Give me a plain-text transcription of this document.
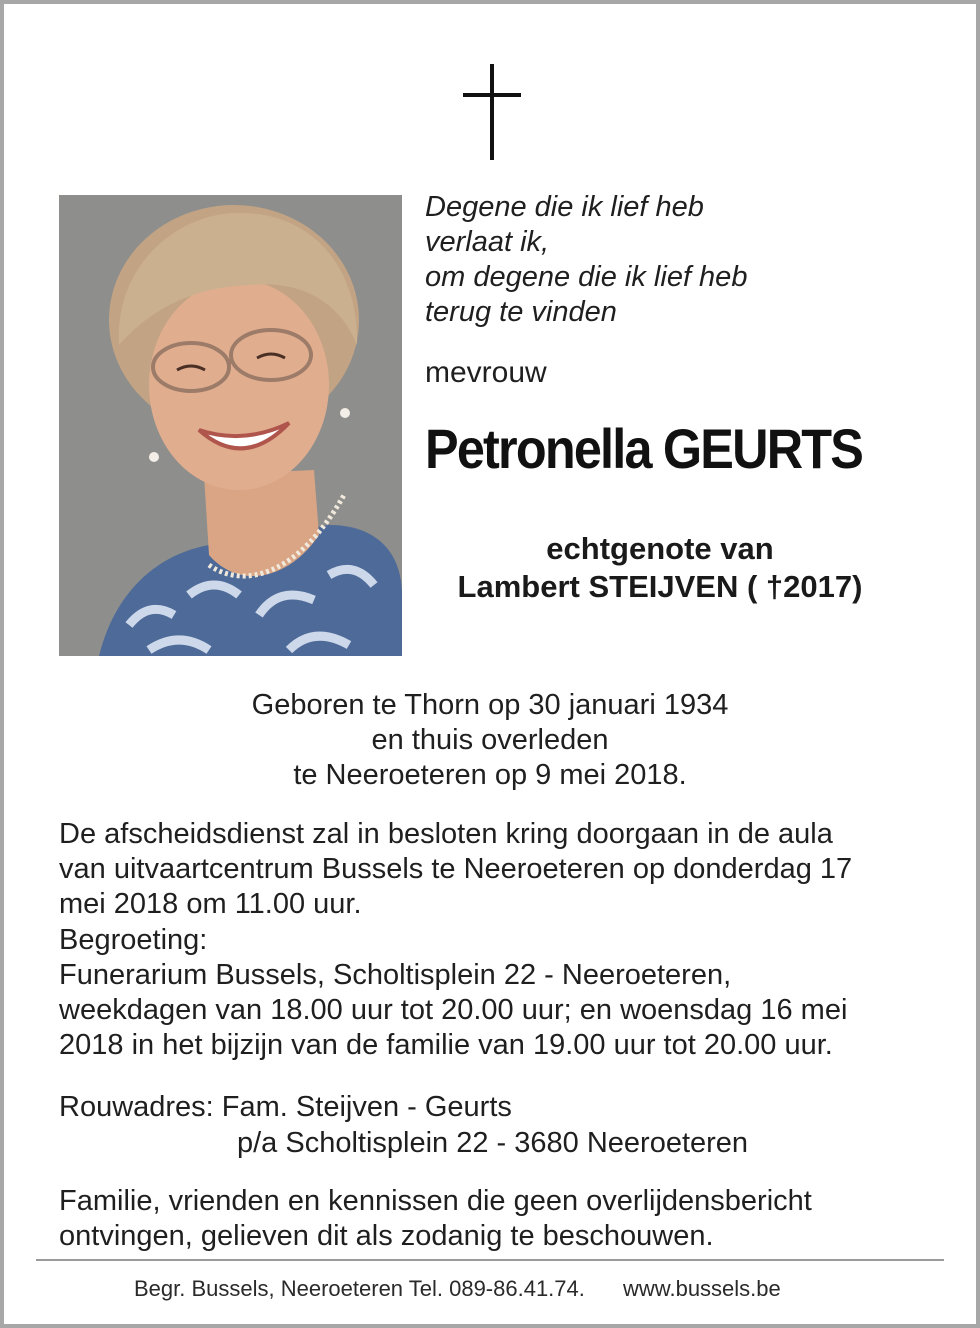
Degene die ik lief heb
verlaat ik,
om degene die ik lief heb
terug te vinden
mevrouw
Petronella GEURTS
echtgenote van
Lambert STEIJVEN ( †2017)
Geboren te Thorn op 30 januari 1934
en thuis overleden
te Neeroeteren op 9 mei 2018.
De afscheidsdienst zal in besloten kring doorgaan in de aula
van uitvaartcentrum Bussels te Neeroeteren op donderdag 17
mei 2018 om 11.00 uur.
Begroeting:
Funerarium Bussels, Scholtisplein 22 - Neeroeteren,
weekdagen van 18.00 uur tot 20.00 uur; en woensdag 16 mei
2018 in het bijzijn van de familie van 19.00 uur tot 20.00 uur.
Rouwadres: Fam. Steijven - Geurts
p/a Scholtisplein 22 - 3680 Neeroeteren
Familie, vrienden en kennissen die geen overlijdensbericht
ontvingen, gelieven dit als zodanig te beschouwen.
Begr. Bussels, Neeroeteren Tel. 089-86.41.74. www.bussels.be
